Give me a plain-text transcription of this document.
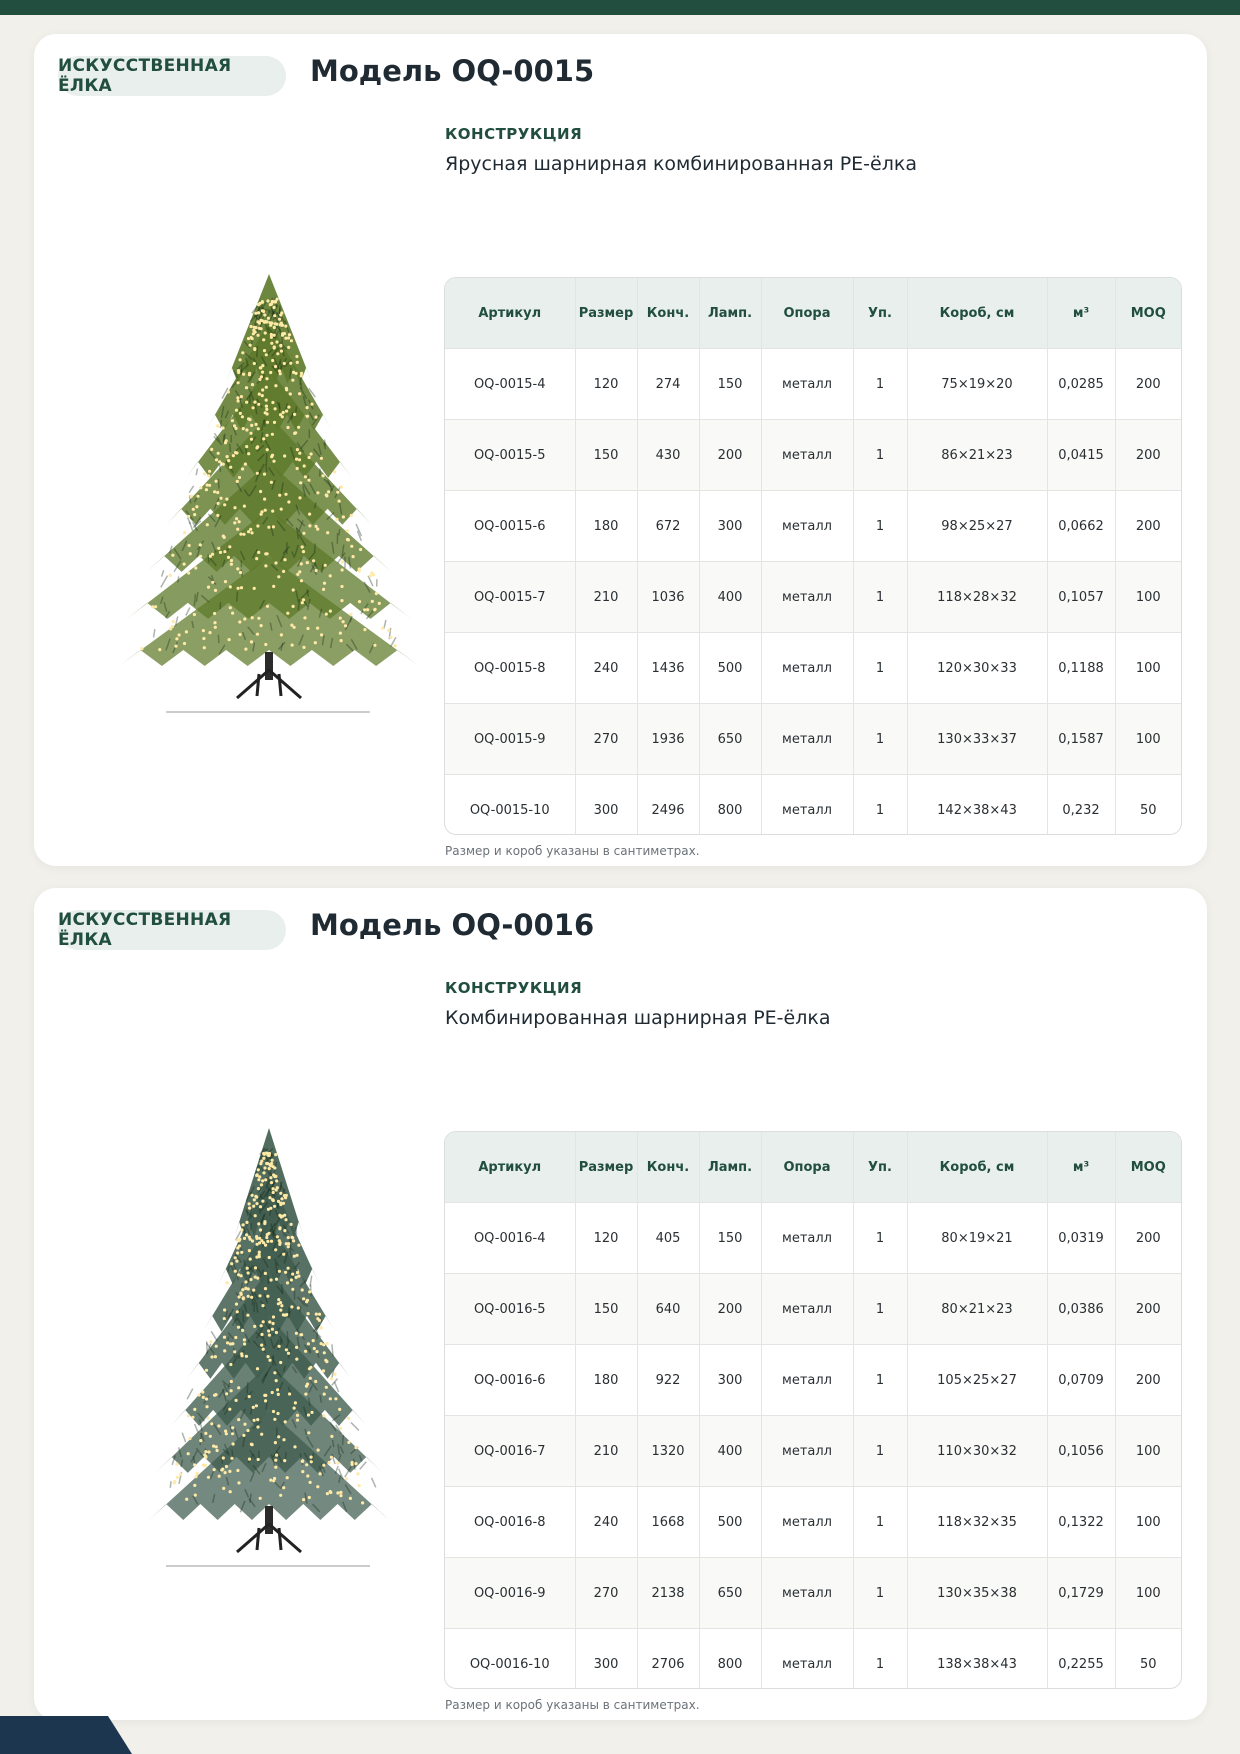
ИСКУССТВЕННАЯ ЁЛКА	Модель OQ-0015
КОНСТРУКЦИЯ
Ярусная шарнирная комбинированная PE-ёлка
Артикул	Размер	Конч.	Ламп.	Опора	Уп.	Короб, см	м³	MOQ
OQ-0015-4	120	274	150	металл	1	75×19×20	0,0285	200
OQ-0015-5	150	430	200	металл	1	86×21×23	0,0415	200
OQ-0015-6	180	672	300	металл	1	98×25×27	0,0662	200
OQ-0015-7	210	1036	400	металл	1	118×28×32	0,1057	100
OQ-0015-8	240	1436	500	металл	1	120×30×33	0,1188	100
OQ-0015-9	270	1936	650	металл	1	130×33×37	0,1587	100
OQ-0015-10	300	2496	800	металл	1	142×38×43	0,232	50
Размер и короб указаны в сантиметрах.
ИСКУССТВЕННАЯ ЁЛКА	Модель OQ-0016
КОНСТРУКЦИЯ
Комбинированная шарнирная PE-ёлка
Артикул	Размер	Конч.	Ламп.	Опора	Уп.	Короб, см	м³	MOQ
OQ-0016-4	120	405	150	металл	1	80×19×21	0,0319	200
OQ-0016-5	150	640	200	металл	1	80×21×23	0,0386	200
OQ-0016-6	180	922	300	металл	1	105×25×27	0,0709	200
OQ-0016-7	210	1320	400	металл	1	110×30×32	0,1056	100
OQ-0016-8	240	1668	500	металл	1	118×32×35	0,1322	100
OQ-0016-9	270	2138	650	металл	1	130×35×38	0,1729	100
OQ-0016-10	300	2706	800	металл	1	138×38×43	0,2255	50
Размер и короб указаны в сантиметрах.
